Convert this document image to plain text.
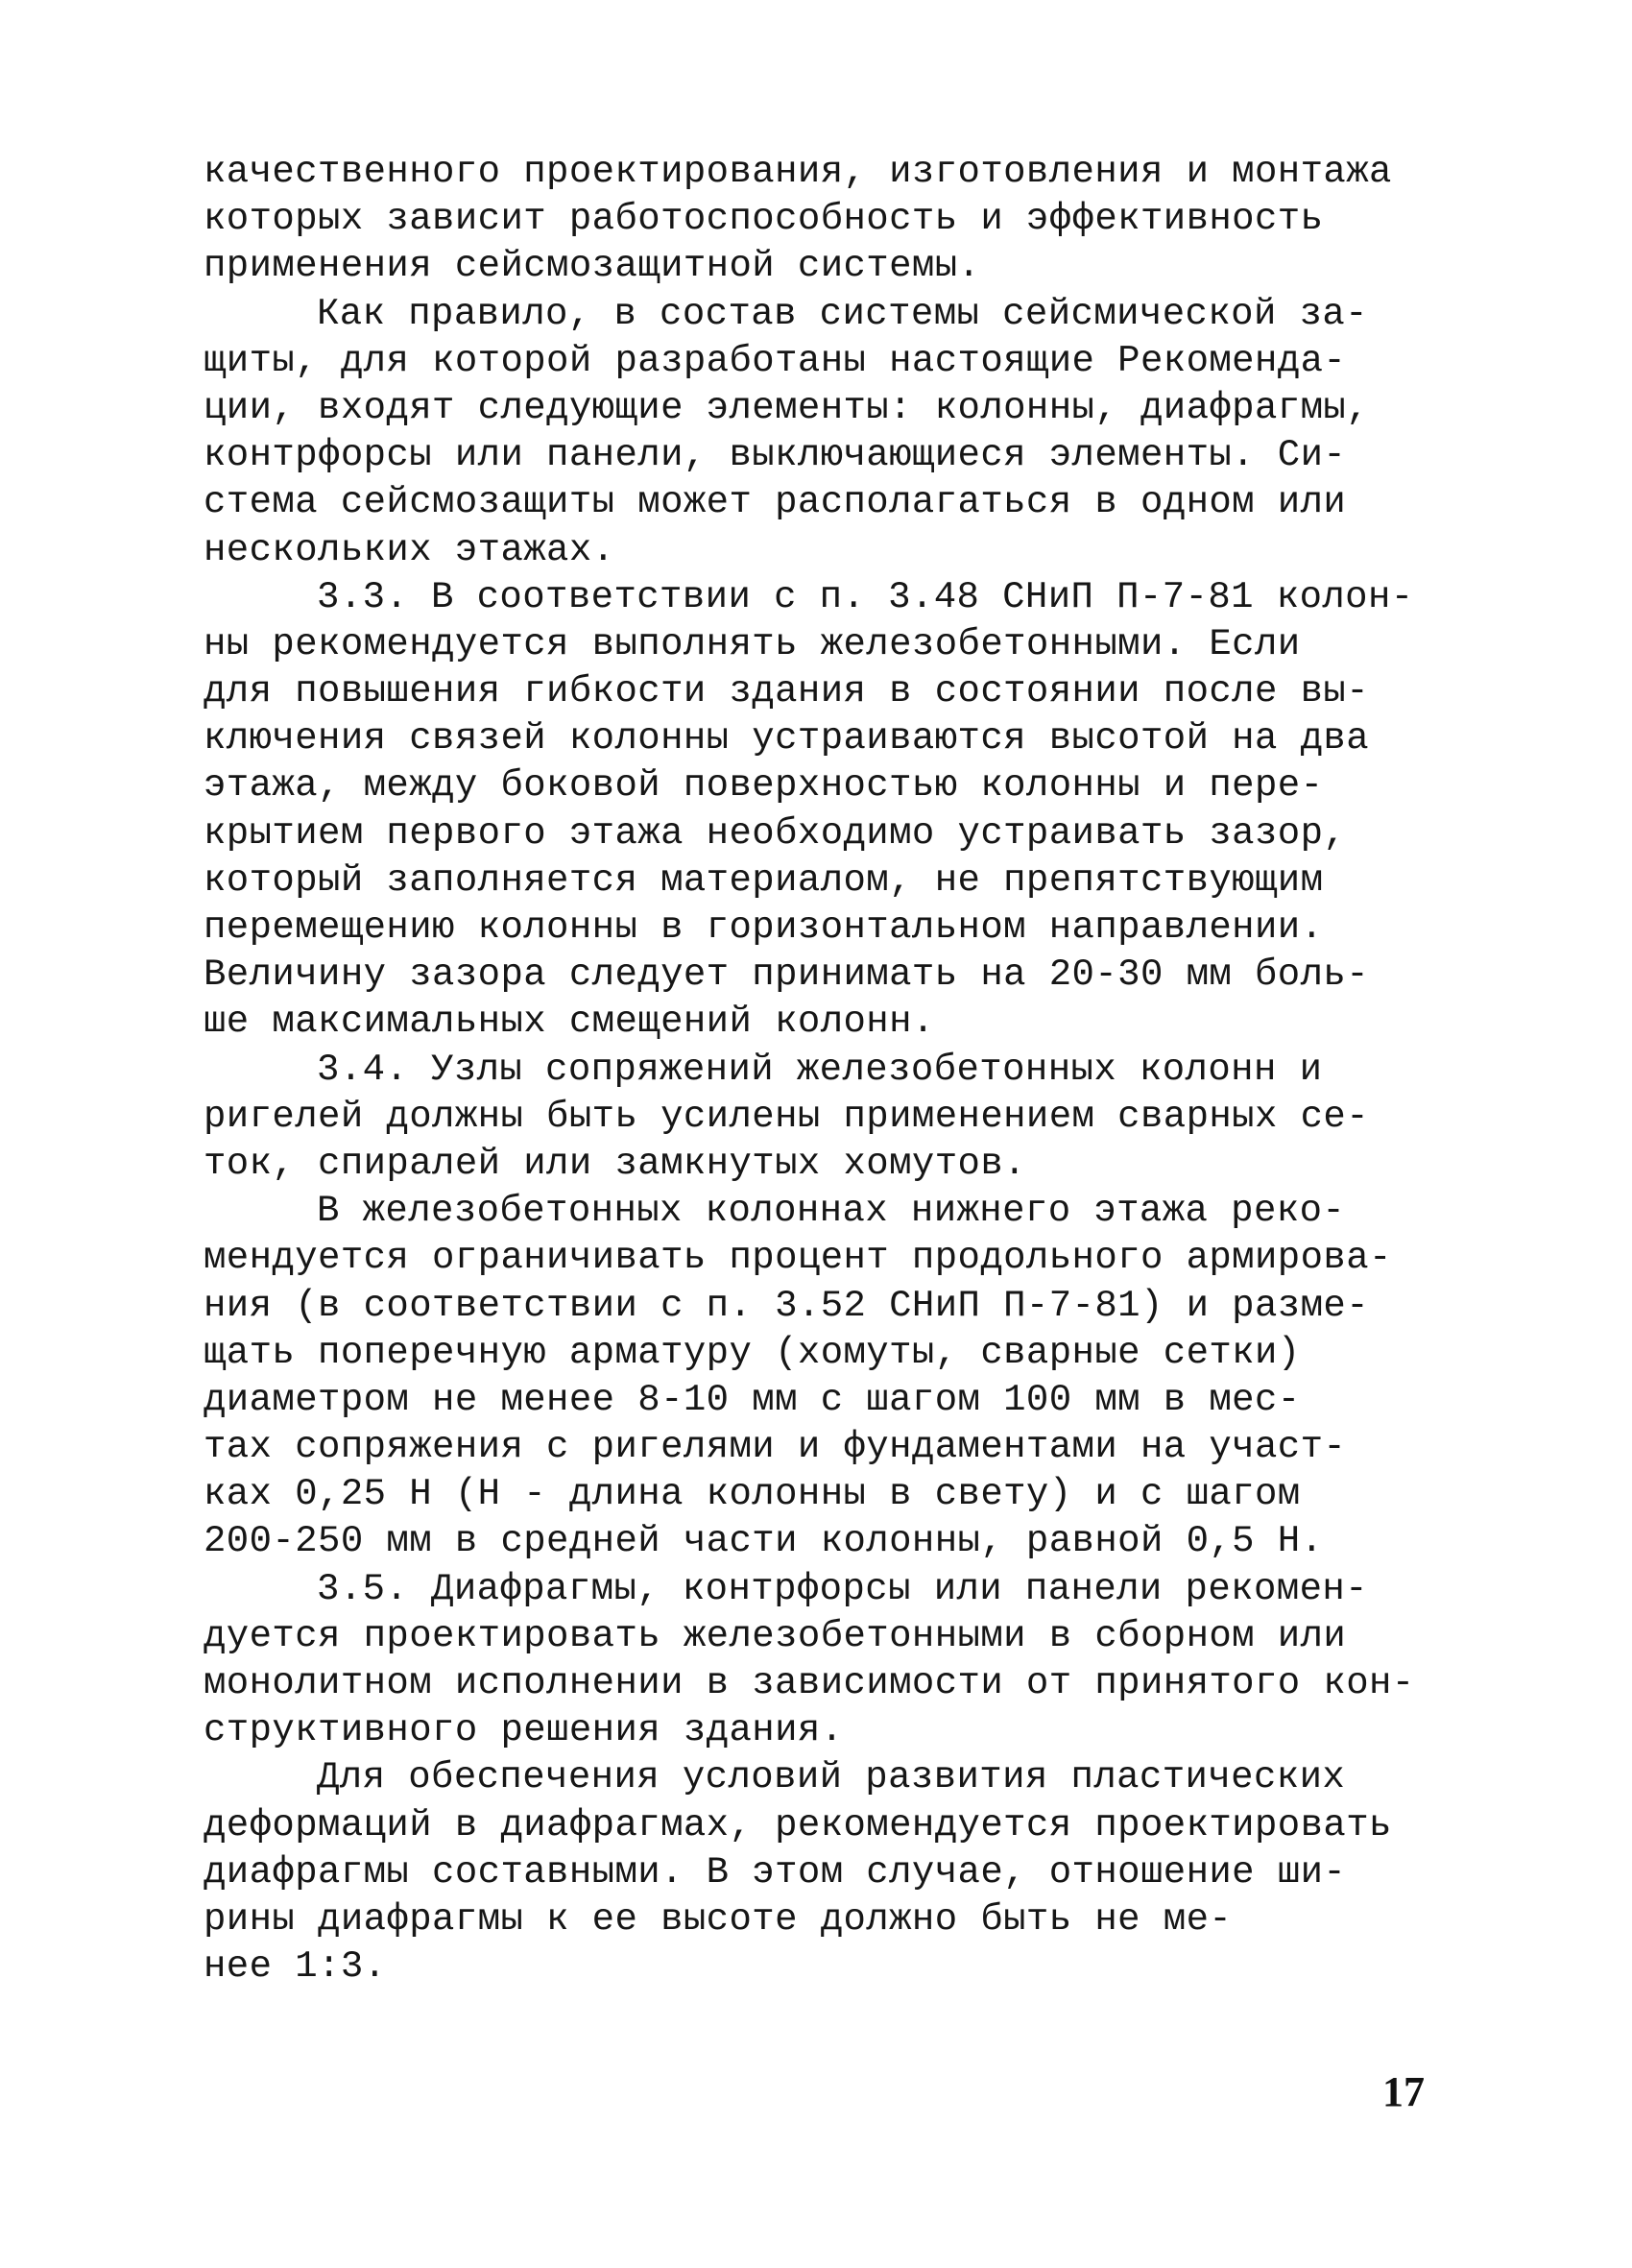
качественного проектирования, изготовления и монтажа
которых зависит работоспособность и эффективность
применения сейсмозащитной системы.
Как правило, в состав системы сейсмической за-
щиты, для которой разработаны настоящие Рекоменда-
ции, входят следующие элементы: колонны, диафрагмы,
контрфорсы или панели, выключающиеся элементы. Си-
стема сейсмозащиты может располагаться в одном или
нескольких этажах.
3.3. В соответствии с п. 3.48 СНиП П-7-81 колон-
ны рекомендуется выполнять железобетонными. Если
для повышения гибкости здания в состоянии после вы-
ключения связей колонны устраиваются высотой на два
этажа, между боковой поверхностью колонны и пере-
крытием первого этажа необходимо устраивать зазор,
который заполняется материалом, не препятствующим
перемещению колонны в горизонтальном направлении.
Величину зазора следует принимать на 20-30 мм боль-
ше максимальных смещений колонн.
3.4. Узлы сопряжений железобетонных колонн и
ригелей должны быть усилены применением сварных се-
ток, спиралей или замкнутых хомутов.
В железобетонных колоннах нижнего этажа реко-
мендуется ограничивать процент продольного армирова-
ния (в соответствии с п. 3.52 СНиП П-7-81) и разме-
щать поперечную арматуру (хомуты, сварные сетки)
диаметром не менее 8-10 мм с шагом 100 мм в мес-
тах сопряжения с ригелями и фундаментами на участ-
ках 0,25 Н (Н - длина колонны в свету) и с шагом
200-250 мм в средней части колонны, равной 0,5 Н.
3.5. Диафрагмы, контрфорсы или панели рекомен-
дуется проектировать железобетонными в сборном или
монолитном исполнении в зависимости от принятого кон-
структивного решения здания.
Для обеспечения условий развития пластических
деформаций в диафрагмах, рекомендуется проектировать
диафрагмы составными. В этом случае, отношение ши-
рины диафрагмы к ее высоте должно быть не ме-
нее 1:3.
17
